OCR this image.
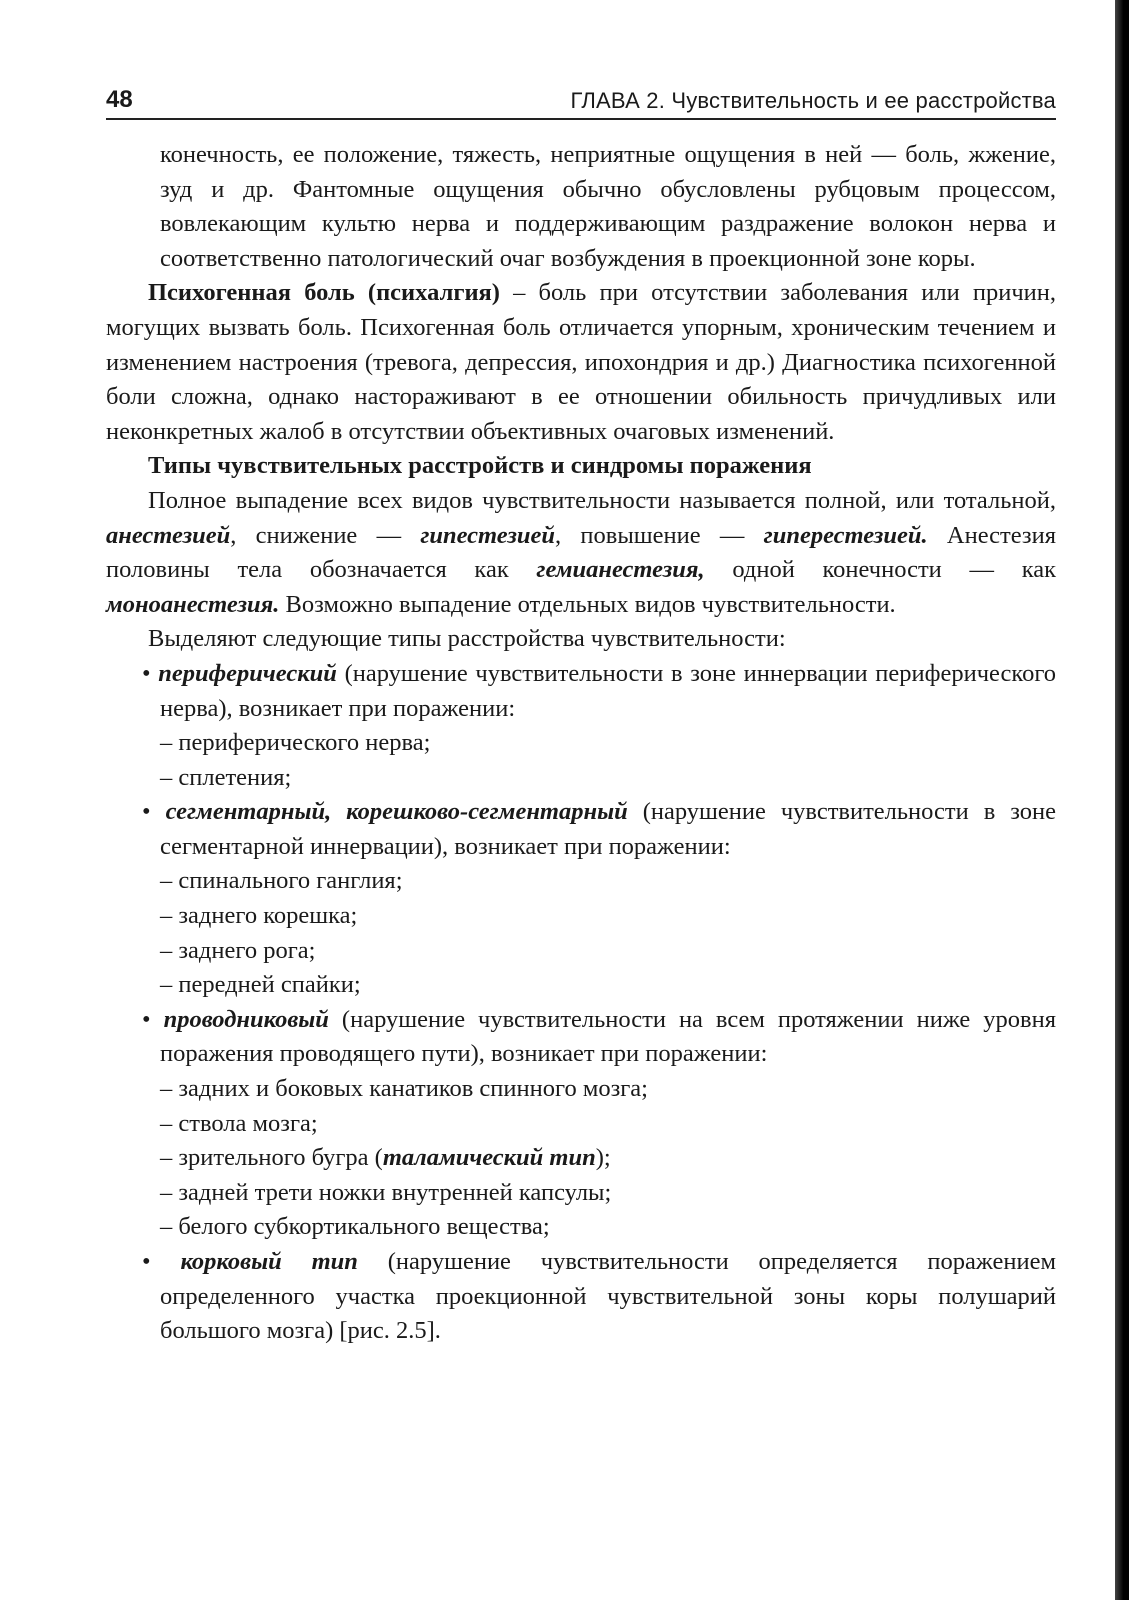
48	ГЛАВА 2. Чувствительность и ее расстройства

конечность, ее положение, тяжесть, неприятные ощущения в ней — боль, жжение, зуд и др. Фантомные ощущения обычно обусловлены рубцовым процессом, вовлекающим культю нерва и поддерживающим раздражение волокон нерва и соответственно патологический очаг возбуждения в проекционной зоне коры.

Психогенная боль (психалгия) – боль при отсутствии заболевания или причин, могущих вызвать боль. Психогенная боль отличается упорным, хроническим течением и изменением настроения (тревога, депрессия, ипохондрия и др.) Диагностика психогенной боли сложна, однако настораживают в ее отношении обильность причудливых или неконкретных жалоб в отсутствии объективных очаговых изменений.

Типы чувствительных расстройств и синдромы поражения

Полное выпадение всех видов чувствительности называется полной, или тотальной, анестезией, снижение — гипестезией, повышение — гиперестезией. Анестезия половины тела обозначается как гемианестезия, одной конечности — как моноанестезия. Возможно выпадение отдельных видов чувствительности.

Выделяют следующие типы расстройства чувствительности:

• периферический (нарушение чувствительности в зоне иннервации периферического нерва), возникает при поражении:

– периферического нерва;

– сплетения;

• сегментарный, корешково-сегментарный (нарушение чувствительности в зоне сегментарной иннервации), возникает при поражении:

– спинального ганглия;

– заднего корешка;

– заднего рога;

– передней спайки;

• проводниковый (нарушение чувствительности на всем протяжении ниже уровня поражения проводящего пути), возникает при поражении:

– задних и боковых канатиков спинного мозга;

– ствола мозга;

– зрительного бугра (таламический тип);

– задней трети ножки внутренней капсулы;

– белого субкортикального вещества;

• корковый тип (нарушение чувствительности определяется поражением определенного участка проекционной чувствительной зоны коры полушарий большого мозга) [рис. 2.5].
